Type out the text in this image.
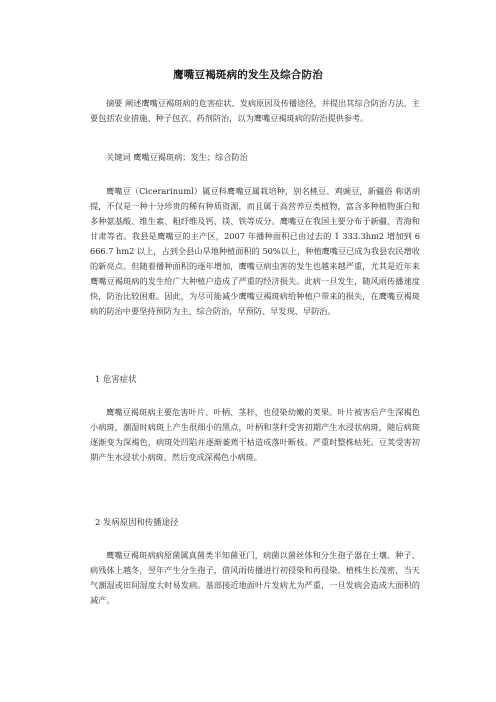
鹰嘴豆褐斑病的发生及综合防治
摘要 阐述鹰嘴豆褐斑病的危害症状、发病原因及传播途径，并提出其综合防治方法，主要包括农业措施、种子包衣、药剂防治，以为鹰嘴豆褐斑病的防治提供参考。
关键词 鹰嘴豆褐斑病；发生；综合防治
鹰嘴豆（Cicerarinuml）属豆科鹰嘴豆属栽培种，别名桃豆、鸡豌豆，新疆俗 称诺胡提，不仅是一种十分珍贵的稀有种质资源，而且属于高营养豆类植物，富含多种植物蛋白和多种氨基酸、维生素、粗纤维及钙、镁、铁等成分。鹰嘴豆在我国主要分布于新疆、青海和甘肃等省。我县是鹰嘴豆的主产区，2007 年播种面积已由过去的 1 333.3hm2 增加到 6 666.7 hm2 以上，占到全县山旱地种植面积的 50%以上，种植鹰嘴豆已成为我县农民增收的新亮点。但随着播种面积的逐年增加，鹰嘴豆病虫害的发生也越来越严重，尤其是近年来鹰嘴豆褐斑病的发生给广大种植户造成了严重的经济损失。此病一旦发生，随风雨传播速度快，防治比较困难。因此，为尽可能减少鹰嘴豆褐斑病给种植户带来的损失，在鹰嘴豆褐斑病的防治中要坚持预防为主、综合防治，早预防、早发现、早防治。
1 危害症状
鹰嘴豆褐斑病主要危害叶片、叶柄、茎秆，也侵染幼嫩的荚果。叶片被害后产生深褐色小病斑，潮湿时病斑上产生很细小的黑点，叶柄和茎秆受害初期产生水浸状病斑，随后病斑逐渐变为深褐色，病斑处凹陷并逐渐萎蔫干枯造成落叶断枝。严重时整株枯死。豆荚受害初期产生水浸状小病斑，然后变成深褐色小病斑。
2 发病原因和传播途径
鹰嘴豆褐斑病病原菌属真菌类半知菌亚门，病菌以菌丝体和分生孢子器在土壤、种子、病残体上越冬，翌年产生分生孢子，借风雨传播进行初侵染和再侵染。植株生长茂密，当天气潮湿或田间湿度大时易发病。基部接近地面叶片发病尤为严重，一旦发病会造成大面积的减产。
